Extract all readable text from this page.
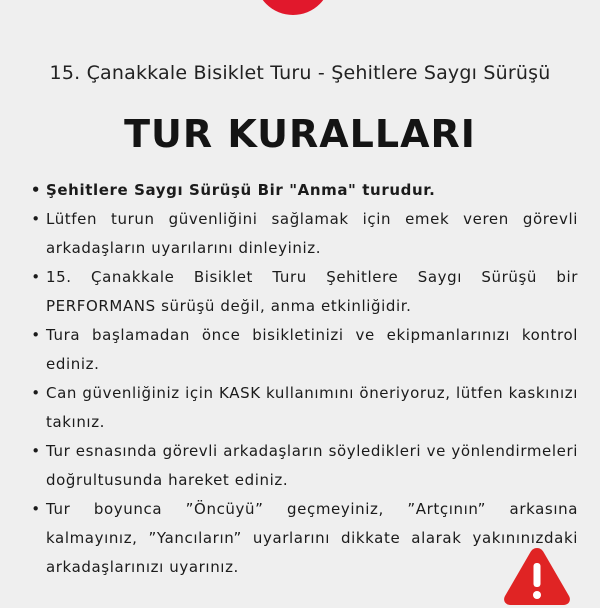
15. Çanakkale Bisiklet Turu - Şehitlere Saygı Sürüşü
TUR KURALLARI
• Şehitlere Saygı Sürüşü Bir "Anma" turudur.
• Lütfen turun güvenliğini sağlamak için emek veren görevli arkadaşların uyarılarını dinleyiniz.
• 15. Çanakkale Bisiklet Turu Şehitlere Saygı Sürüşü bir PERFORMANS sürüşü değil, anma etkinliğidir.
• Tura başlamadan önce bisikletinizi ve ekipmanlarınızı kontrol ediniz.
• Can güvenliğiniz için KASK kullanımını öneriyoruz, lütfen kaskınızı takınız.
• Tur esnasında görevli arkadaşların söyledikleri ve yönlendirmeleri doğrultusunda hareket ediniz.
• Tur boyunca ”Öncüyü” geçmeyiniz, ”Artçının” arkasına kalmayınız, ”Yancıların” uyarlarını dikkate alarak yakınınızdaki arkadaşlarınızı uyarınız.
